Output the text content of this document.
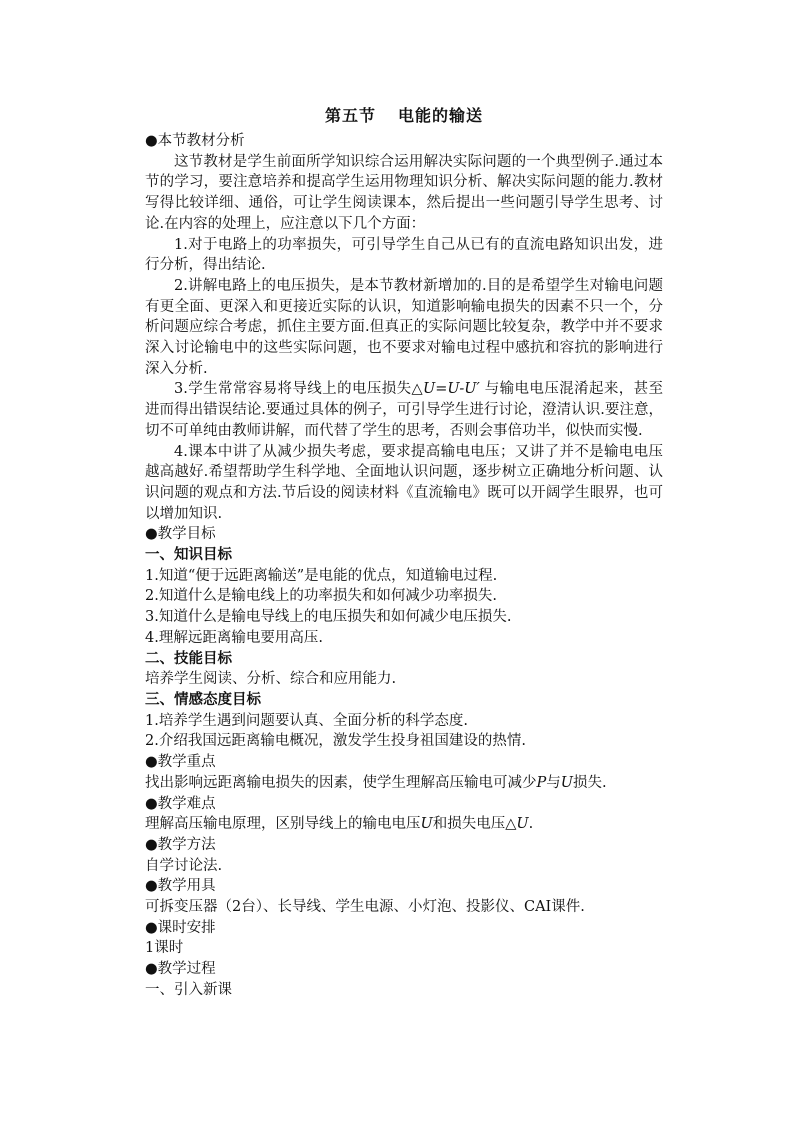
第五节 电能的输送

●本节教材分析

这节教材是学生前面所学知识综合运用解决实际问题的一个典型例子.通过本节的学习，要注意培养和提高学生运用物理知识分析、解决实际问题的能力.教材写得比较详细、通俗，可让学生阅读课本，然后提出一些问题引导学生思考、讨论.在内容的处理上，应注意以下几个方面：

1.对于电路上的功率损失，可引导学生自己从已有的直流电路知识出发，进行分析，得出结论.

2.讲解电路上的电压损失，是本节教材新增加的.目的是希望学生对输电问题有更全面、更深入和更接近实际的认识，知道影响输电损失的因素不只一个，分析问题应综合考虑，抓住主要方面.但真正的实际问题比较复杂，教学中并不要求深入讨论输电中的这些实际问题，也不要求对输电过程中感抗和容抗的影响进行深入分析.

3.学生常常容易将导线上的电压损失△U=U-U′ 与输电电压混淆起来，甚至进而得出错误结论.要通过具体的例子，可引导学生进行讨论，澄清认识.要注意，切不可单纯由教师讲解，而代替了学生的思考，否则会事倍功半，似快而实慢.

4.课本中讲了从减少损失考虑，要求提高输电电压；又讲了并不是输电电压越高越好.希望帮助学生科学地、全面地认识问题，逐步树立正确地分析问题、认识问题的观点和方法.节后设的阅读材料《直流输电》既可以开阔学生眼界，也可以增加知识.

●教学目标

一、知识目标

1.知道“便于远距离输送”是电能的优点，知道输电过程.

2.知道什么是输电线上的功率损失和如何减少功率损失.

3.知道什么是输电导线上的电压损失和如何减少电压损失.

4.理解远距离输电要用高压.

二、技能目标

培养学生阅读、分析、综合和应用能力.

三、情感态度目标

1.培养学生遇到问题要认真、全面分析的科学态度.

2.介绍我国远距离输电概况，激发学生投身祖国建设的热情.

●教学重点

找出影响远距离输电损失的因素，使学生理解高压输电可减少P与U损失.

●教学难点

理解高压输电原理，区别导线上的输电电压U和损失电压△U.

●教学方法

自学讨论法.

●教学用具

可拆变压器（2台）、长导线、学生电源、小灯泡、投影仪、CAI课件.

●课时安排

1课时

●教学过程

一、引入新课
